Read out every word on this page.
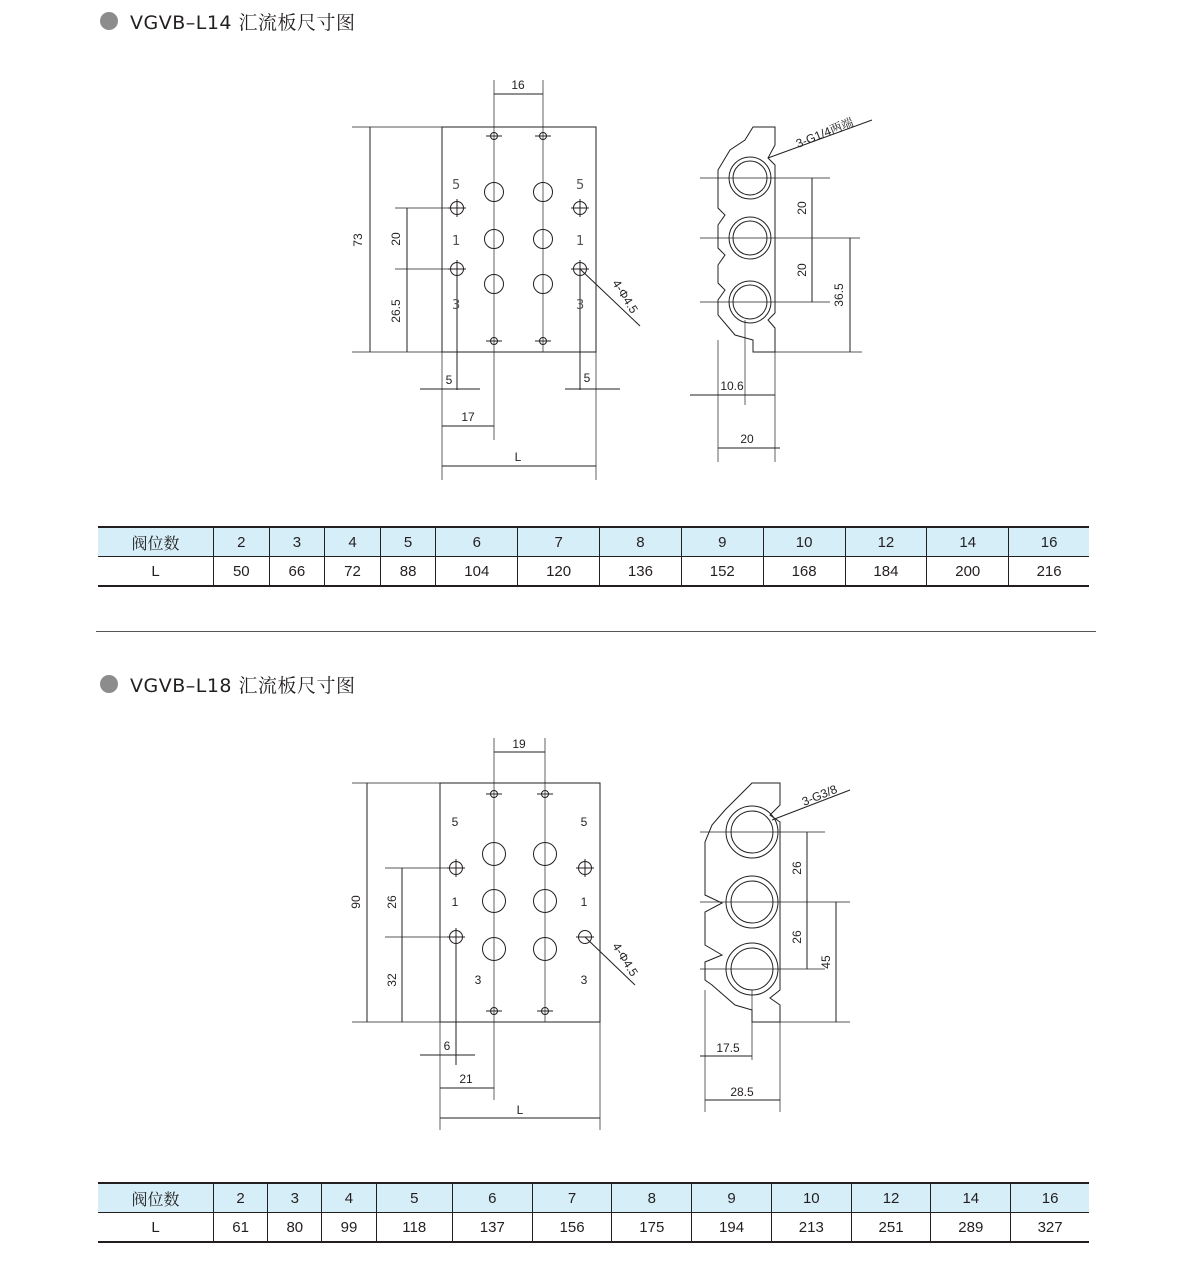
VGVB–L14 汇流板尺寸图
16
73 20
26.5
5	5
17
L
4-Φ4.5
5	5
1	1
3	3
3-G1/4两端
20
20
36.5
10.6
20
阀位数	2	3	4	5	6	7	8	9	10	12	14	16
L	50	66	72	88	104	120	136	152	168	184	200	216
VGVB–L18 汇流板尺寸图
19
90 26
32
6
21
L
4-Φ4.5
5	5
1	1
3	3
3-G3/8
26
26
45
17.5
28.5
阀位数	2	3	4	5	6	7	8	9	10	12	14	16
L	61	80	99	118	137	156	175	194	213	251	289	327
